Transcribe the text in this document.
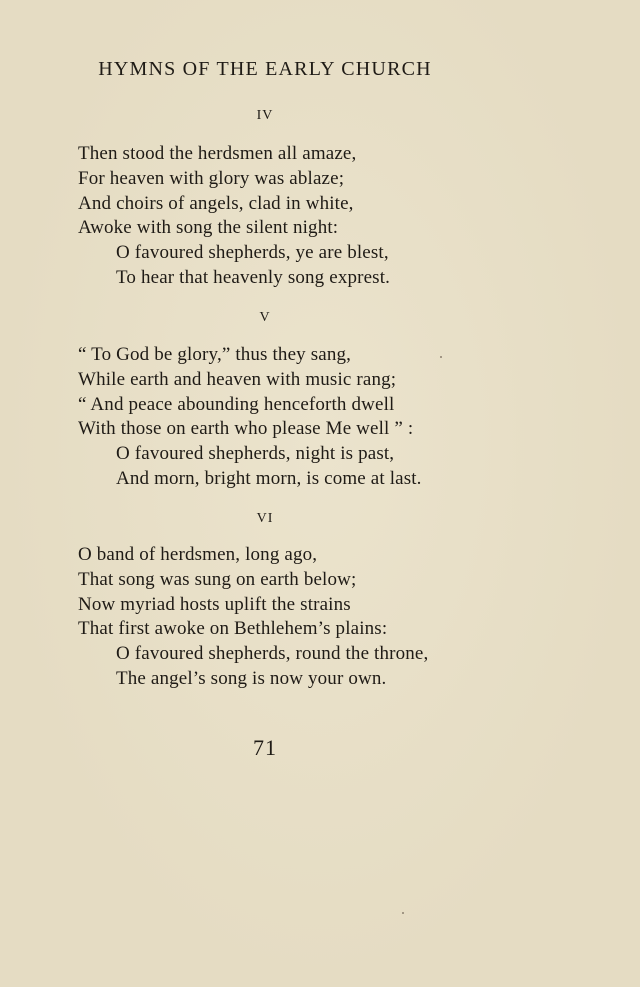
HYMNS OF THE EARLY CHURCH
IV
Then stood the herdsmen all amaze,
For heaven with glory was ablaze;
And choirs of angels, clad in white,
Awoke with song the silent night:
O favoured shepherds, ye are blest,
To hear that heavenly song exprest.
V
“ To God be glory,” thus they sang,
While earth and heaven with music rang;
“ And peace abounding henceforth dwell
With those on earth who please Me well ” :
O favoured shepherds, night is past,
And morn, bright morn, is come at last.
VI
O band of herdsmen, long ago,
That song was sung on earth below;
Now myriad hosts uplift the strains
That first awoke on Bethlehem’s plains:
O favoured shepherds, round the throne,
The angel’s song is now your own.
71
